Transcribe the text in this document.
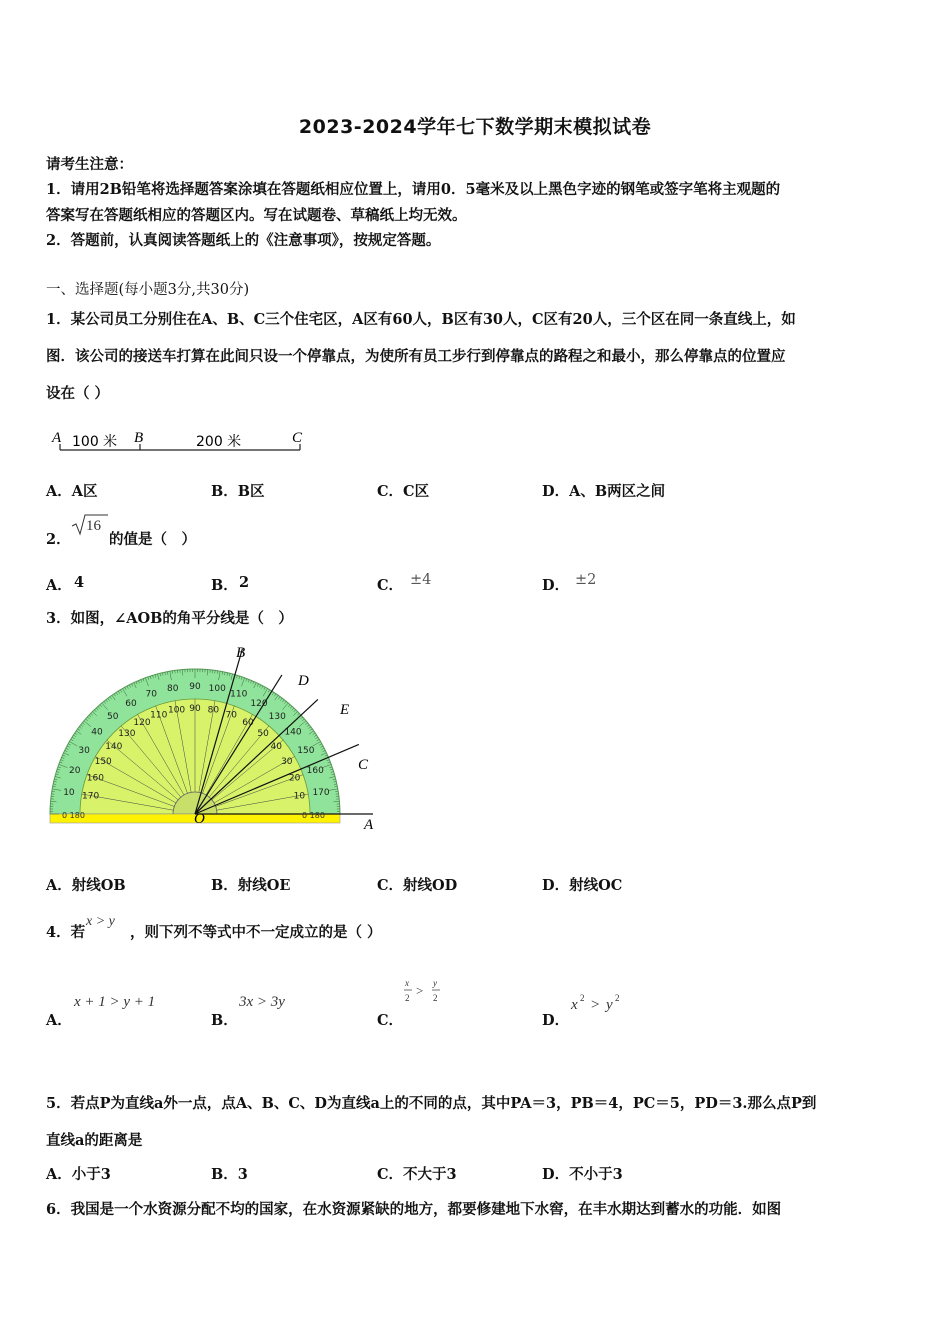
2023-2024学年七下数学期末模拟试卷
请考生注意：
1．请用2B铅笔将选择题答案涂填在答题纸相应位置上，请用0．5毫米及以上黑色字迹的钢笔或签字笔将主观题的
答案写在答题纸相应的答题区内。写在试题卷、草稿纸上均无效。
2．答题前，认真阅读答题纸上的《注意事项》，按规定答题。
一、选择题(每小题3分,共30分)
1．某公司员工分别住在A、B、C三个住宅区，A区有60人，B区有30人，C区有20人，三个区在同一条直线上，如
图．该公司的接送车打算在此间只设一个停靠点，为使所有员工步行到停靠点的路程之和最小，那么停靠点的位置应
设在（ ）
A 100 米 B	200 米	C
A．A区	B．B区	C．C区	D．A、B两区之间
2．
16
的值是（　）
A． 4	B． 2	C． ±4	D． ±2
3．如图，∠AOB的角平分线是（　）
10
20
30
40
50
60
70
80 90 100
110
120
130
140
150
160
170
170
160
150
140
130
120
110 100 90 80 70
60
50
40
30
20
10
0 180	0 180
O	A
B
D
E
C
A．射线OB	B．射线OE	C．射线OD	D．射线OC
4．若
x > y
，则下列不等式中不一定成立的是（ ）
A．
x + 1 > y + 1
B．
3x > 3y
C．
x
2 > y
2
D．
x 2 > y 2
5．若点P为直线a外一点，点A、B、C、D为直线a上的不同的点，其中PA＝3，PB＝4，PC＝5，PD＝3.那么点P到
直线a的距离是
A．小于3	B．3	C．不大于3	D．不小于3
6．我国是一个水资源分配不均的国家，在水资源紧缺的地方，都要修建地下水窖，在丰水期达到蓄水的功能．如图
